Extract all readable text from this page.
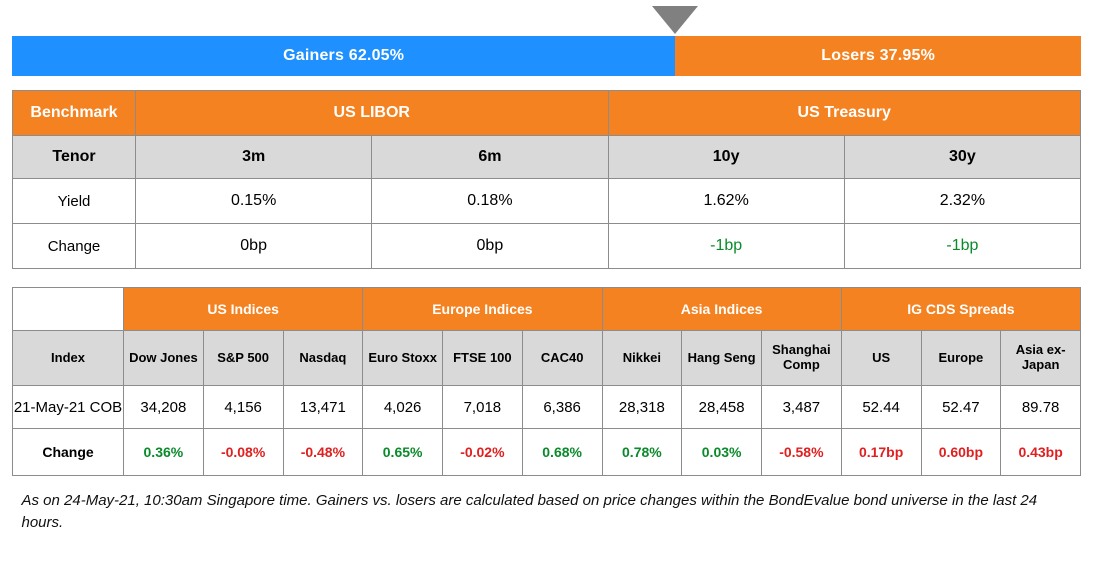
Gainers 62.05%	Losers 37.95%
Benchmark	US LIBOR		US Treasury	
Tenor	3m	6m	10y	30y
Yield	0.15%	0.18%	1.62%	2.32%
Change	0bp	0bp	-1bp	-1bp
	US Indices			Europe Indices			Asia Indices			IG CDS Spreads		
Index	Dow Jones	S&P 500	Nasdaq	Euro Stoxx	FTSE 100	CAC40	Nikkei	Hang Seng	Shanghai Comp	US	Europe	Asia ex-Japan
21-May-21 COB	34,208	4,156	13,471	4,026	7,018	6,386	28,318	28,458	3,487	52.44	52.47	89.78
Change	0.36%	-0.08%	-0.48%	0.65%	-0.02%	0.68%	0.78%	0.03%	-0.58%	0.17bp	0.60bp	0.43bp
As on 24-May-21, 10:30am Singapore time. Gainers vs. losers are calculated based on price changes within the BondEvalue bond universe in the last 24 hours.
